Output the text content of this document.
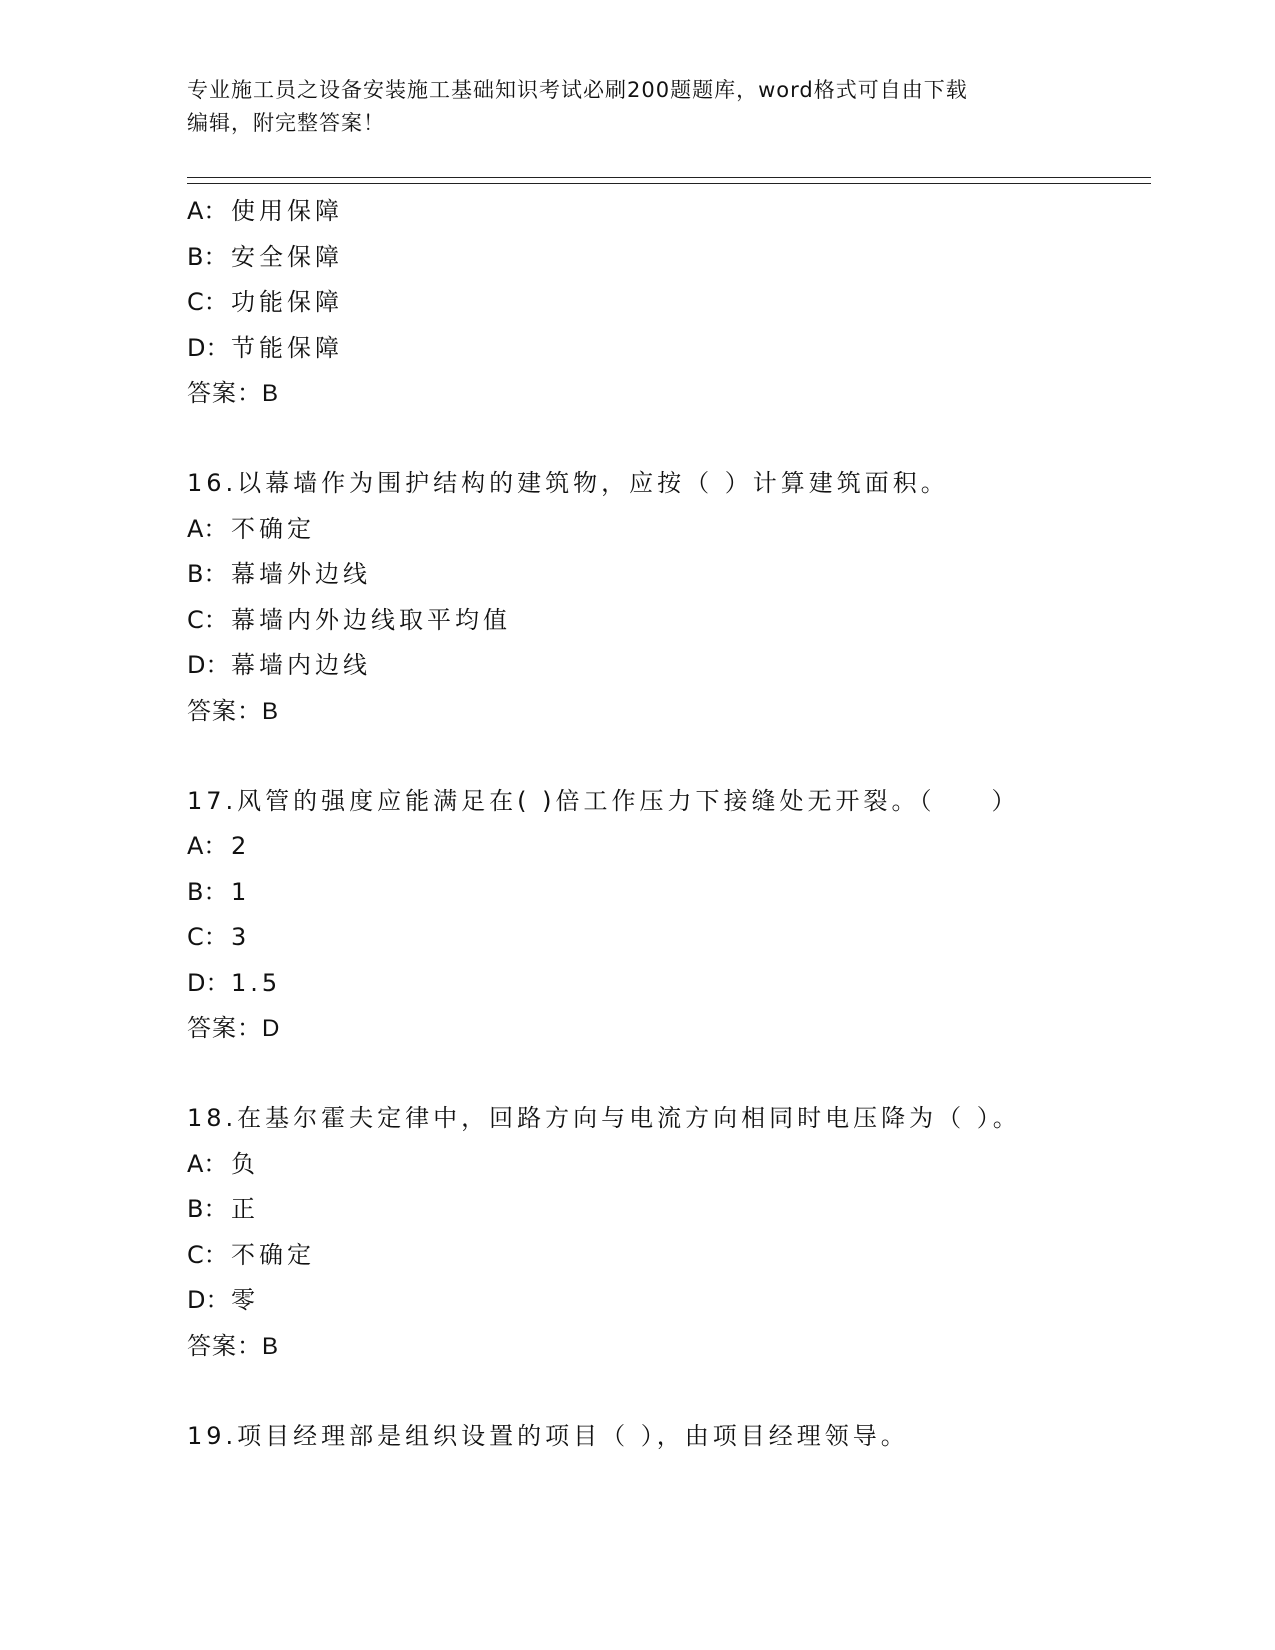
专业施工员之设备安装施工基础知识考试必刷200题题库，word格式可自由下载
编辑，附完整答案！
A： 使用保障
B： 安全保障
C： 功能保障
D：节能保障
答案：B
16.以幕墙作为围护结构的建筑物，应按（ ）计算建筑面积。
A： 不确定
B： 幕墙外边线
C： 幕墙内外边线取平均值
D：幕墙内边线
答案：B
17.风管的强度应能满足在( )倍工作压力下接缝处无开裂。（　　）
A： 2
B： 1
C： 3
D：1.5
答案：D
18.在基尔霍夫定律中，回路方向与电流方向相同时电压降为（ ）。
A： 负
B： 正
C： 不确定
D：零
答案：B
19.项目经理部是组织设置的项目（ ），由项目经理领导。
